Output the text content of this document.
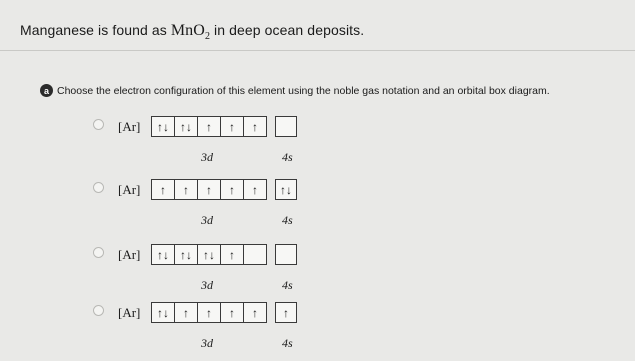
Manganese is found as MnO$_2$ in deep ocean deposits.
a Choose the electron configuration of this element using the noble gas notation and an orbital box diagram.
[Ar]	↑↓ ↑↓	↑	↑	↑
3d	4s
[Ar]	↑	↑	↑	↑	↑	↑↓
3d	4s
[Ar]	↑↓ ↑↓ ↑↓	↑
3d	4s
[Ar]	↑↓	↑	↑	↑	↑	↑
3d	4s
